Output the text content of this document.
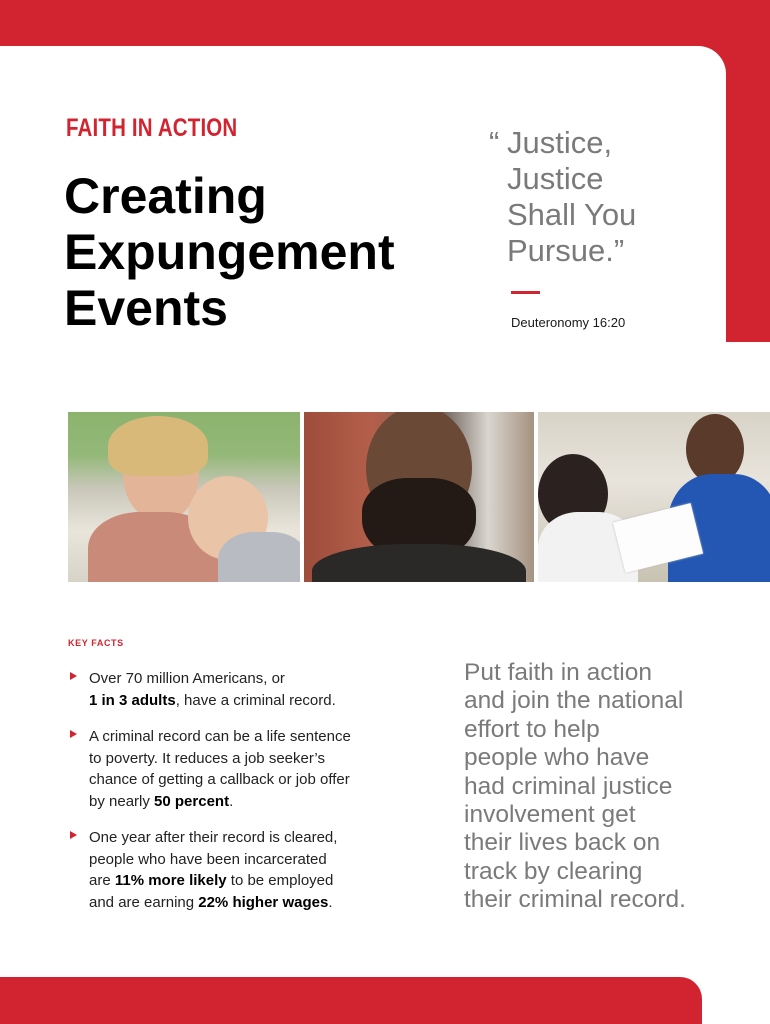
FAITH IN ACTION
Creating
Expungement
Events
“ Justice,
Justice
Shall You
Pursue.”
Deuteronomy 16:20
KEY FACTS
Over 70 million Americans, or
1 in 3 adults, have a criminal record.
A criminal record can be a life sentence
to poverty. It reduces a job seeker’s
chance of getting a callback or job offer
by nearly 50 percent.
One year after their record is cleared,
people who have been incarcerated
are 11% more likely to be employed
and are earning 22% higher wages.
Put faith in action
and join the national
effort to help
people who have
had criminal justice
involvement get
their lives back on
track by clearing
their criminal record.
